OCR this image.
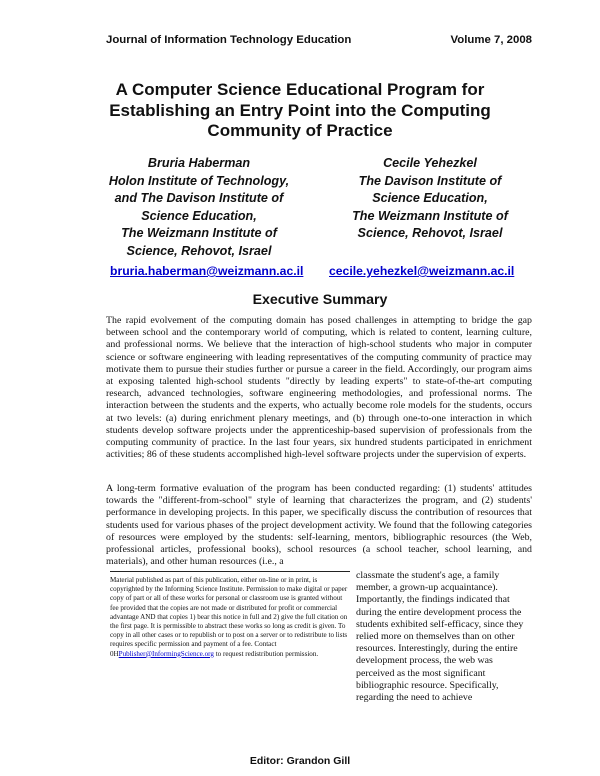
Journal of Information Technology Education	Volume 7, 2008
A Computer Science Educational Program for
Establishing an Entry Point into the Computing
Community of Practice
Bruria Haberman
Holon Institute of Technology,
and The Davison Institute of
Science Education,
The Weizmann Institute of
Science, Rehovot, Israel
Cecile Yehezkel
The Davison Institute of
Science Education,
The Weizmann Institute of
Science, Rehovot, Israel
bruria.haberman@weizmann.ac.il cecile.yehezkel@weizmann.ac.il
Executive Summary

The rapid evolvement of the computing domain has posed challenges in attempting to bridge the gap between school and the contemporary world of computing, which is related to content, learning culture, and professional norms. We believe that the interaction of high-school students who major in computer science or software engineering with leading representatives of the computing community of practice may motivate them to pursue their studies further or pursue a career in the field. Accordingly, our program aims at exposing talented high-school students "directly by leading experts" to state-of-the-art computing research, advanced technologies, software engineering methodologies, and professional norms. The interaction between the students and the experts, who actually become role models for the students, occurs at two levels: (a) during enrichment plenary meetings, and (b) through one-to-one interaction in which students develop software projects under the apprenticeship-based supervision of professionals from the computing community of practice. In the last four years, six hundred students participated in enrichment activities; 86 of these students accomplished high-level software projects under the supervision of experts.

A long-term formative evaluation of the program has been conducted regarding: (1) students' attitudes towards the "different-from-school" style of learning that characterizes the program, and (2) students' performance in developing projects. In this paper, we specifically discuss the contribution of resources that students used for various phases of the project development activity. We found that the following categories of resources were employed by the students: self-learning, mentors, bibliographic resources (the Web, professional articles, professional books), school resources (a school teacher, school learning, and materials), and other human resources (i.e., a

Material published as part of this publication, either on-line or in print, is copyrighted by the Informing Science Institute. Permission to make digital or paper copy of part or all of these works for personal or classroom use is granted without fee provided that the copies are not made or distributed for profit or commercial advantage AND that copies 1) bear this notice in full and 2) give the full citation on the first page. It is permissible to abstract these works so long as credit is given. To copy in all other cases or to republish or to post on a server or to redistribute to lists requires specific permission and payment of a fee. Contact 0HPublisher@InformingScience.org to request redistribution permission.

classmate the student's age, a family member, a grown-up acquaintance). Importantly, the findings indicated that during the entire development process the students exhibited self-efficacy, since they relied more on themselves than on other resources. Interestingly, during the entire development process, the web was perceived as the most significant bibliographic resource. Specifically, regarding the need to achieve

Editor: Grandon Gill
